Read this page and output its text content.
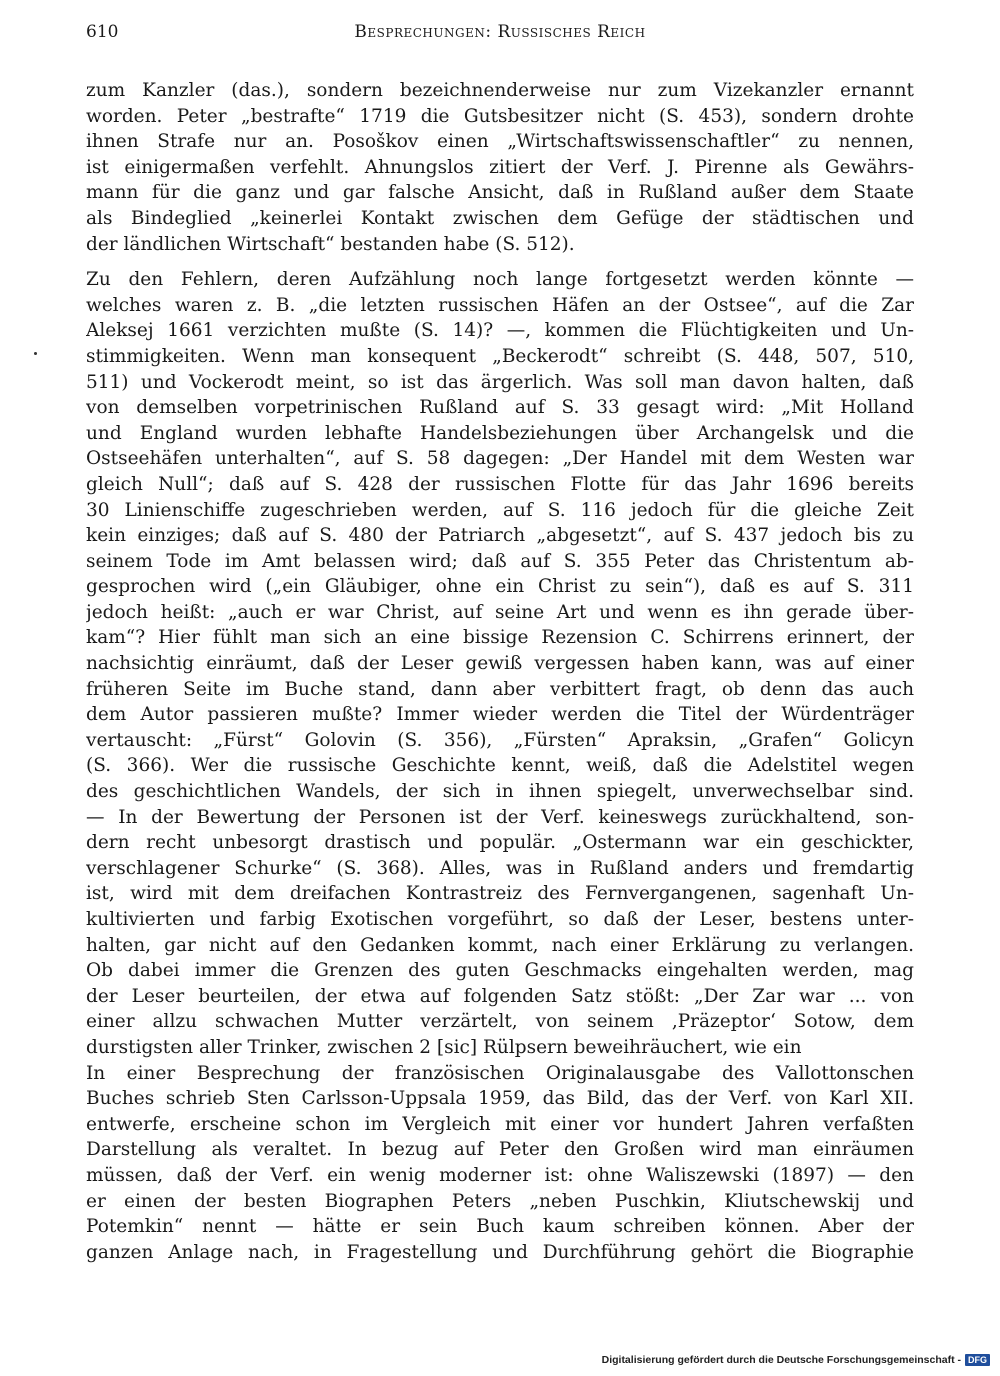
610	Besprechungen: Russisches Reich
zum Kanzler (das.), sondern bezeichnenderweise nur zum Vizekanzler ernannt
worden. Peter „bestrafte“ 1719 die Gutsbesitzer nicht (S. 453), sondern drohte
ihnen Strafe nur an. Posoškov einen „Wirtschaftswissenschaftler“ zu nennen,
ist einigermaßen verfehlt. Ahnungslos zitiert der Verf. J. Pirenne als Gewährs-
mann für die ganz und gar falsche Ansicht, daß in Rußland außer dem Staate
als Bindeglied „keinerlei Kontakt zwischen dem Gefüge der städtischen und
der ländlichen Wirtschaft“ bestanden habe (S. 512).
Zu den Fehlern, deren Aufzählung noch lange fortgesetzt werden könnte —
welches waren z. B. „die letzten russischen Häfen an der Ostsee“, auf die Zar
Aleksej 1661 verzichten mußte (S. 14)? —, kommen die Flüchtigkeiten und Un-
stimmigkeiten. Wenn man konsequent „Beckerodt“ schreibt (S. 448, 507, 510,
511) und Vockerodt meint, so ist das ärgerlich. Was soll man davon halten, daß
von demselben vorpetrinischen Rußland auf S. 33 gesagt wird: „Mit Holland
und England wurden lebhafte Handelsbeziehungen über Archangelsk und die
Ostseehäfen unterhalten“, auf S. 58 dagegen: „Der Handel mit dem Westen war
gleich Null“; daß auf S. 428 der russischen Flotte für das Jahr 1696 bereits
30 Linienschiffe zugeschrieben werden, auf S. 116 jedoch für die gleiche Zeit
kein einziges; daß auf S. 480 der Patriarch „abgesetzt“, auf S. 437 jedoch bis zu
seinem Tode im Amt belassen wird; daß auf S. 355 Peter das Christentum ab-
gesprochen wird („ein Gläubiger, ohne ein Christ zu sein“), daß es auf S. 311
jedoch heißt: „auch er war Christ, auf seine Art und wenn es ihn gerade über-
kam“? Hier fühlt man sich an eine bissige Rezension C. Schirrens erinnert, der
nachsichtig einräumt, daß der Leser gewiß vergessen haben kann, was auf einer
früheren Seite im Buche stand, dann aber verbittert fragt, ob denn das auch
dem Autor passieren mußte? Immer wieder werden die Titel der Würdenträger
vertauscht: „Fürst“ Golovin (S. 356), „Fürsten“ Apraksin, „Grafen“ Golicyn
(S. 366). Wer die russische Geschichte kennt, weiß, daß die Adelstitel wegen
des geschichtlichen Wandels, der sich in ihnen spiegelt, unverwechselbar sind.
— In der Bewertung der Personen ist der Verf. keineswegs zurückhaltend, son-
dern recht unbesorgt drastisch und populär. „Ostermann war ein geschickter,
verschlagener Schurke“ (S. 368). Alles, was in Rußland anders und fremdartig
ist, wird mit dem dreifachen Kontrastreiz des Fernvergangenen, sagenhaft Un-
kultivierten und farbig Exotischen vorgeführt, so daß der Leser, bestens unter-
halten, gar nicht auf den Gedanken kommt, nach einer Erklärung zu verlangen.
Ob dabei immer die Grenzen des guten Geschmacks eingehalten werden, mag
der Leser beurteilen, der etwa auf folgenden Satz stößt: „Der Zar war ... von
einer allzu schwachen Mutter verzärtelt, von seinem ‚Präzeptor‘ Sotow, dem
durstigsten aller Trinker, zwischen 2 [sic] Rülpsern beweihräuchert, wie ein
In einer Besprechung der französischen Originalausgabe des Vallottonschen
Buches schrieb Sten Carlsson-Uppsala 1959, das Bild, das der Verf. von Karl XII.
entwerfe, erscheine schon im Vergleich mit einer vor hundert Jahren verfaßten
Darstellung als veraltet. In bezug auf Peter den Großen wird man einräumen
müssen, daß der Verf. ein wenig moderner ist: ohne Waliszewski (1897) — den
er einen der besten Biographen Peters „neben Puschkin, Kliutschewskij und
Potemkin“ nennt — hätte er sein Buch kaum schreiben können. Aber der
ganzen Anlage nach, in Fragestellung und Durchführung gehört die Biographie
Digitalisierung gefördert durch die Deutsche Forschungsgemeinschaft - DFG
